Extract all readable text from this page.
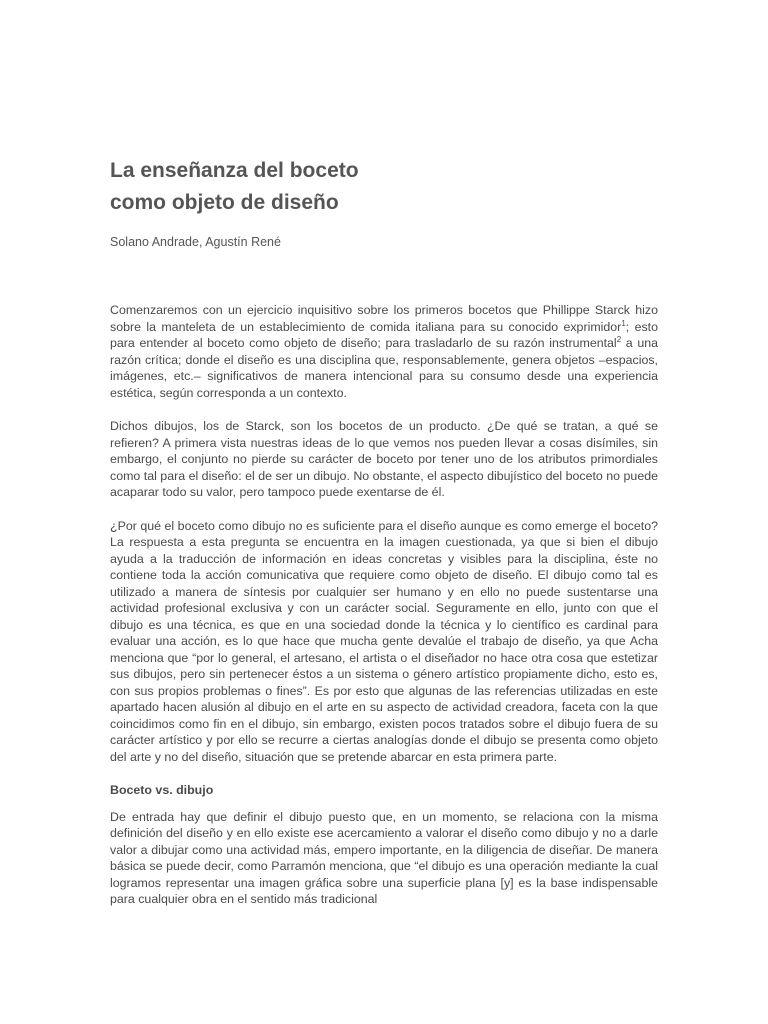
La enseñanza del boceto
como objeto de diseño
Solano Andrade, Agustín René

Comenzaremos con un ejercicio inquisitivo sobre los primeros bocetos que Phillippe Starck hizo sobre la manteleta de un establecimiento de comida italiana para su conocido exprimidor$^1$; esto para entender al boceto como objeto de diseño; para trasladarlo de su razón instrumental$^2$ a una razón crítica; donde el diseño es una disciplina que, responsablemente, genera objetos –espacios, imágenes, etc.– significativos de manera intencional para su consumo desde una experiencia estética, según corresponda a un contexto.

Dichos dibujos, los de Starck, son los bocetos de un producto. ¿De qué se tratan, a qué se refieren? A primera vista nuestras ideas de lo que vemos nos pueden llevar a cosas disímiles, sin embargo, el conjunto no pierde su carácter de boceto por tener uno de los atributos primordiales como tal para el diseño: el de ser un dibujo. No obstante, el aspecto dibujístico del boceto no puede acaparar todo su valor, pero tampoco puede exentarse de él.

¿Por qué el boceto como dibujo no es suficiente para el diseño aunque es como emerge el boceto? La respuesta a esta pregunta se encuentra en la imagen cuestionada, ya que si bien el dibujo ayuda a la traducción de información en ideas concretas y visibles para la disciplina, éste no contiene toda la acción comunicativa que requiere como objeto de diseño. El dibujo como tal es utilizado a manera de síntesis por cualquier ser humano y en ello no puede sustentarse una actividad profesional exclusiva y con un carácter social. Seguramente en ello, junto con que el dibujo es una técnica, es que en una sociedad donde la técnica y lo científico es cardinal para evaluar una acción, es lo que hace que mucha gente devalúe el trabajo de diseño, ya que Acha menciona que “por lo general, el artesano, el artista o el diseñador no hace otra cosa que estetizar sus dibujos, pero sin pertenecer éstos a un sistema o género artístico propiamente dicho, esto es, con sus propios problemas o fines”. Es por esto que algunas de las referencias utilizadas en este apartado hacen alusión al dibujo en el arte en su aspecto de actividad creadora, faceta con la que coincidimos como fin en el dibujo, sin embargo, existen pocos tratados sobre el dibujo fuera de su carácter artístico y por ello se recurre a ciertas analogías donde el dibujo se presenta como objeto del arte y no del diseño, situación que se pretende abarcar en esta primera parte.

Boceto vs. dibujo

De entrada hay que definir el dibujo puesto que, en un momento, se relaciona con la misma definición del diseño y en ello existe ese acercamiento a valorar el diseño como dibujo y no a darle valor a dibujar como una actividad más, empero importante, en la diligencia de diseñar. De manera básica se puede decir, como Parramón menciona, que “el dibujo es una operación mediante la cual logramos representar una imagen gráfica sobre una superficie plana [y] es la base indispensable para cualquier obra en el sentido más tradicional
